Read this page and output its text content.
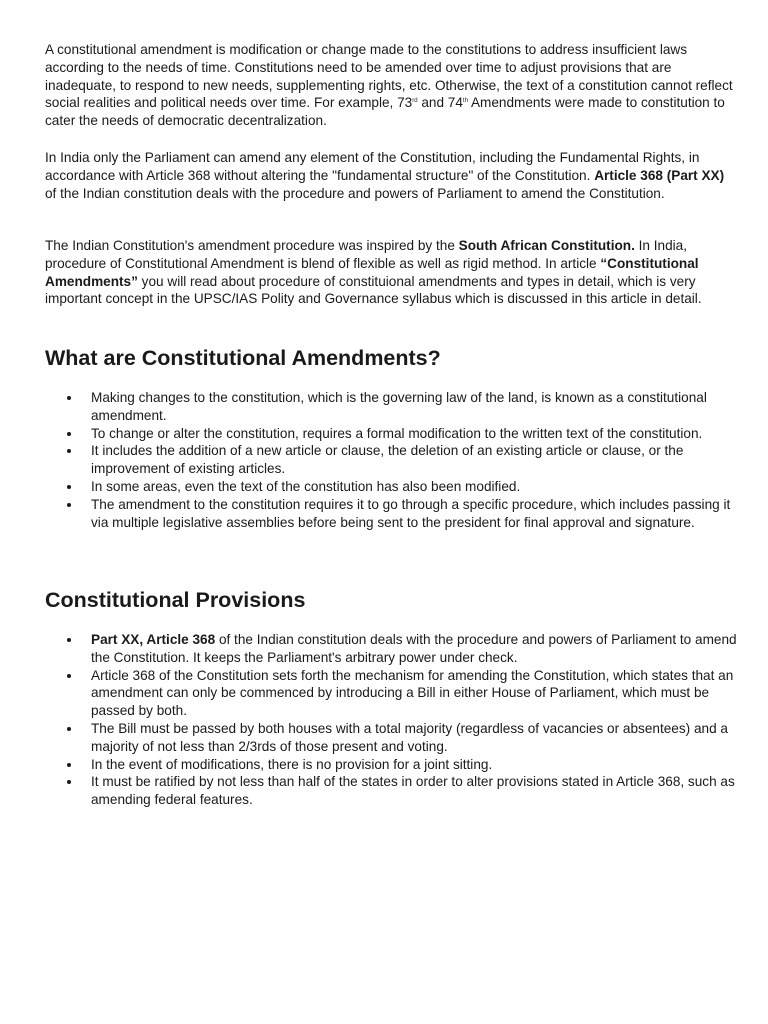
A constitutional amendment is modification or change made to the constitutions to address insufficient laws according to the needs of time. Constitutions need to be amended over time to adjust provisions that are inadequate, to respond to new needs, supplementing rights, etc. Otherwise, the text of a constitution cannot reflect social realities and political needs over time. For example, 73rd and 74th Amendments were made to constitution to cater the needs of democratic decentralization.

In India only the Parliament can amend any element of the Constitution, including the Fundamental Rights, in accordance with Article 368 without altering the "fundamental structure" of the Constitution. Article 368 (Part XX) of the Indian constitution deals with the procedure and powers of Parliament to amend the Constitution.

The Indian Constitution's amendment procedure was inspired by the South African Constitution. In India, procedure of Constitutional Amendment is blend of flexible as well as rigid method. In article “Constitutional Amendments” you will read about procedure of constituional amendments and types in detail, which is very important concept in the UPSC/IAS Polity and Governance syllabus which is discussed in this article in detail.

What are Constitutional Amendments?
Making changes to the constitution, which is the governing law of the land, is known as a constitutional amendment.
To change or alter the constitution, requires a formal modification to the written text of the constitution.
It includes the addition of a new article or clause, the deletion of an existing article or clause, or the improvement of existing articles.
In some areas, even the text of the constitution has also been modified.
The amendment to the constitution requires it to go through a specific procedure, which includes passing it via multiple legislative assemblies before being sent to the president for final approval and signature.
Constitutional Provisions
Part XX, Article 368 of the Indian constitution deals with the procedure and powers of Parliament to amend the Constitution. It keeps the Parliament's arbitrary power under check.
Article 368 of the Constitution sets forth the mechanism for amending the Constitution, which states that an amendment can only be commenced by introducing a Bill in either House of Parliament, which must be passed by both.
The Bill must be passed by both houses with a total majority (regardless of vacancies or absentees) and a majority of not less than 2/3rds of those present and voting.
In the event of modifications, there is no provision for a joint sitting.
It must be ratified by not less than half of the states in order to alter provisions stated in Article 368, such as amending federal features.
